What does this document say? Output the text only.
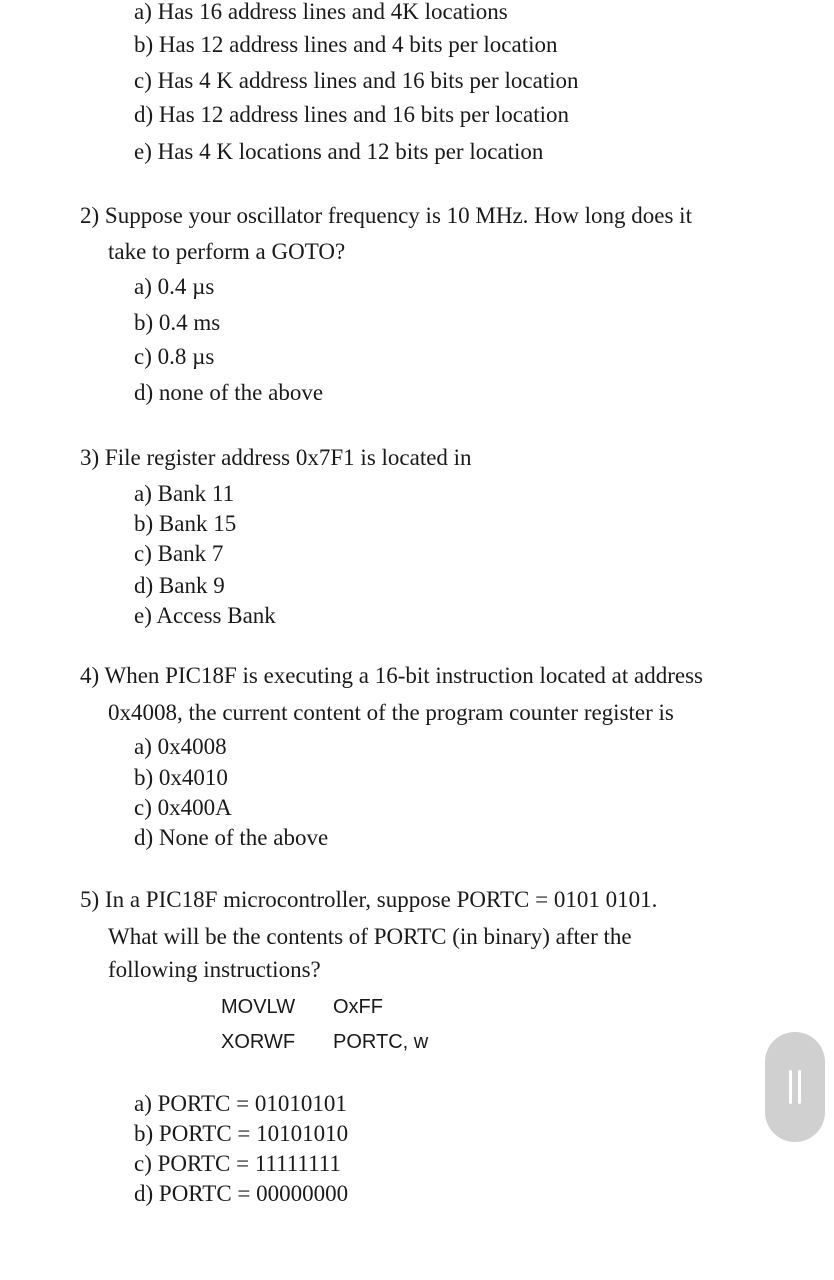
a) Has 16 address lines and 4K locations
b) Has 12 address lines and 4 bits per location
c) Has 4 K address lines and 16 bits per location
d) Has 12 address lines and 16 bits per location
e) Has 4 K locations and 12 bits per location
2) Suppose your oscillator frequency is 10 MHz. How long does it
take to perform a GOTO?
a) 0.4 µs
b) 0.4 ms
c) 0.8 µs
d) none of the above
3) File register address 0x7F1 is located in
a) Bank 11
b) Bank 15
c) Bank 7
d) Bank 9
e) Access Bank
4) When PIC18F is executing a 16-bit instruction located at address
0x4008, the current content of the program counter register is
a) 0x4008
b) 0x4010
c) 0x400A
d) None of the above
5) In a PIC18F microcontroller, suppose PORTC = 0101 0101.
What will be the contents of PORTC (in binary) after the
following instructions?
MOVLW OxFF
XORWF PORTC, w
a) PORTC = 01010101
b) PORTC = 10101010
c) PORTC = 11111111
d) PORTC = 00000000
